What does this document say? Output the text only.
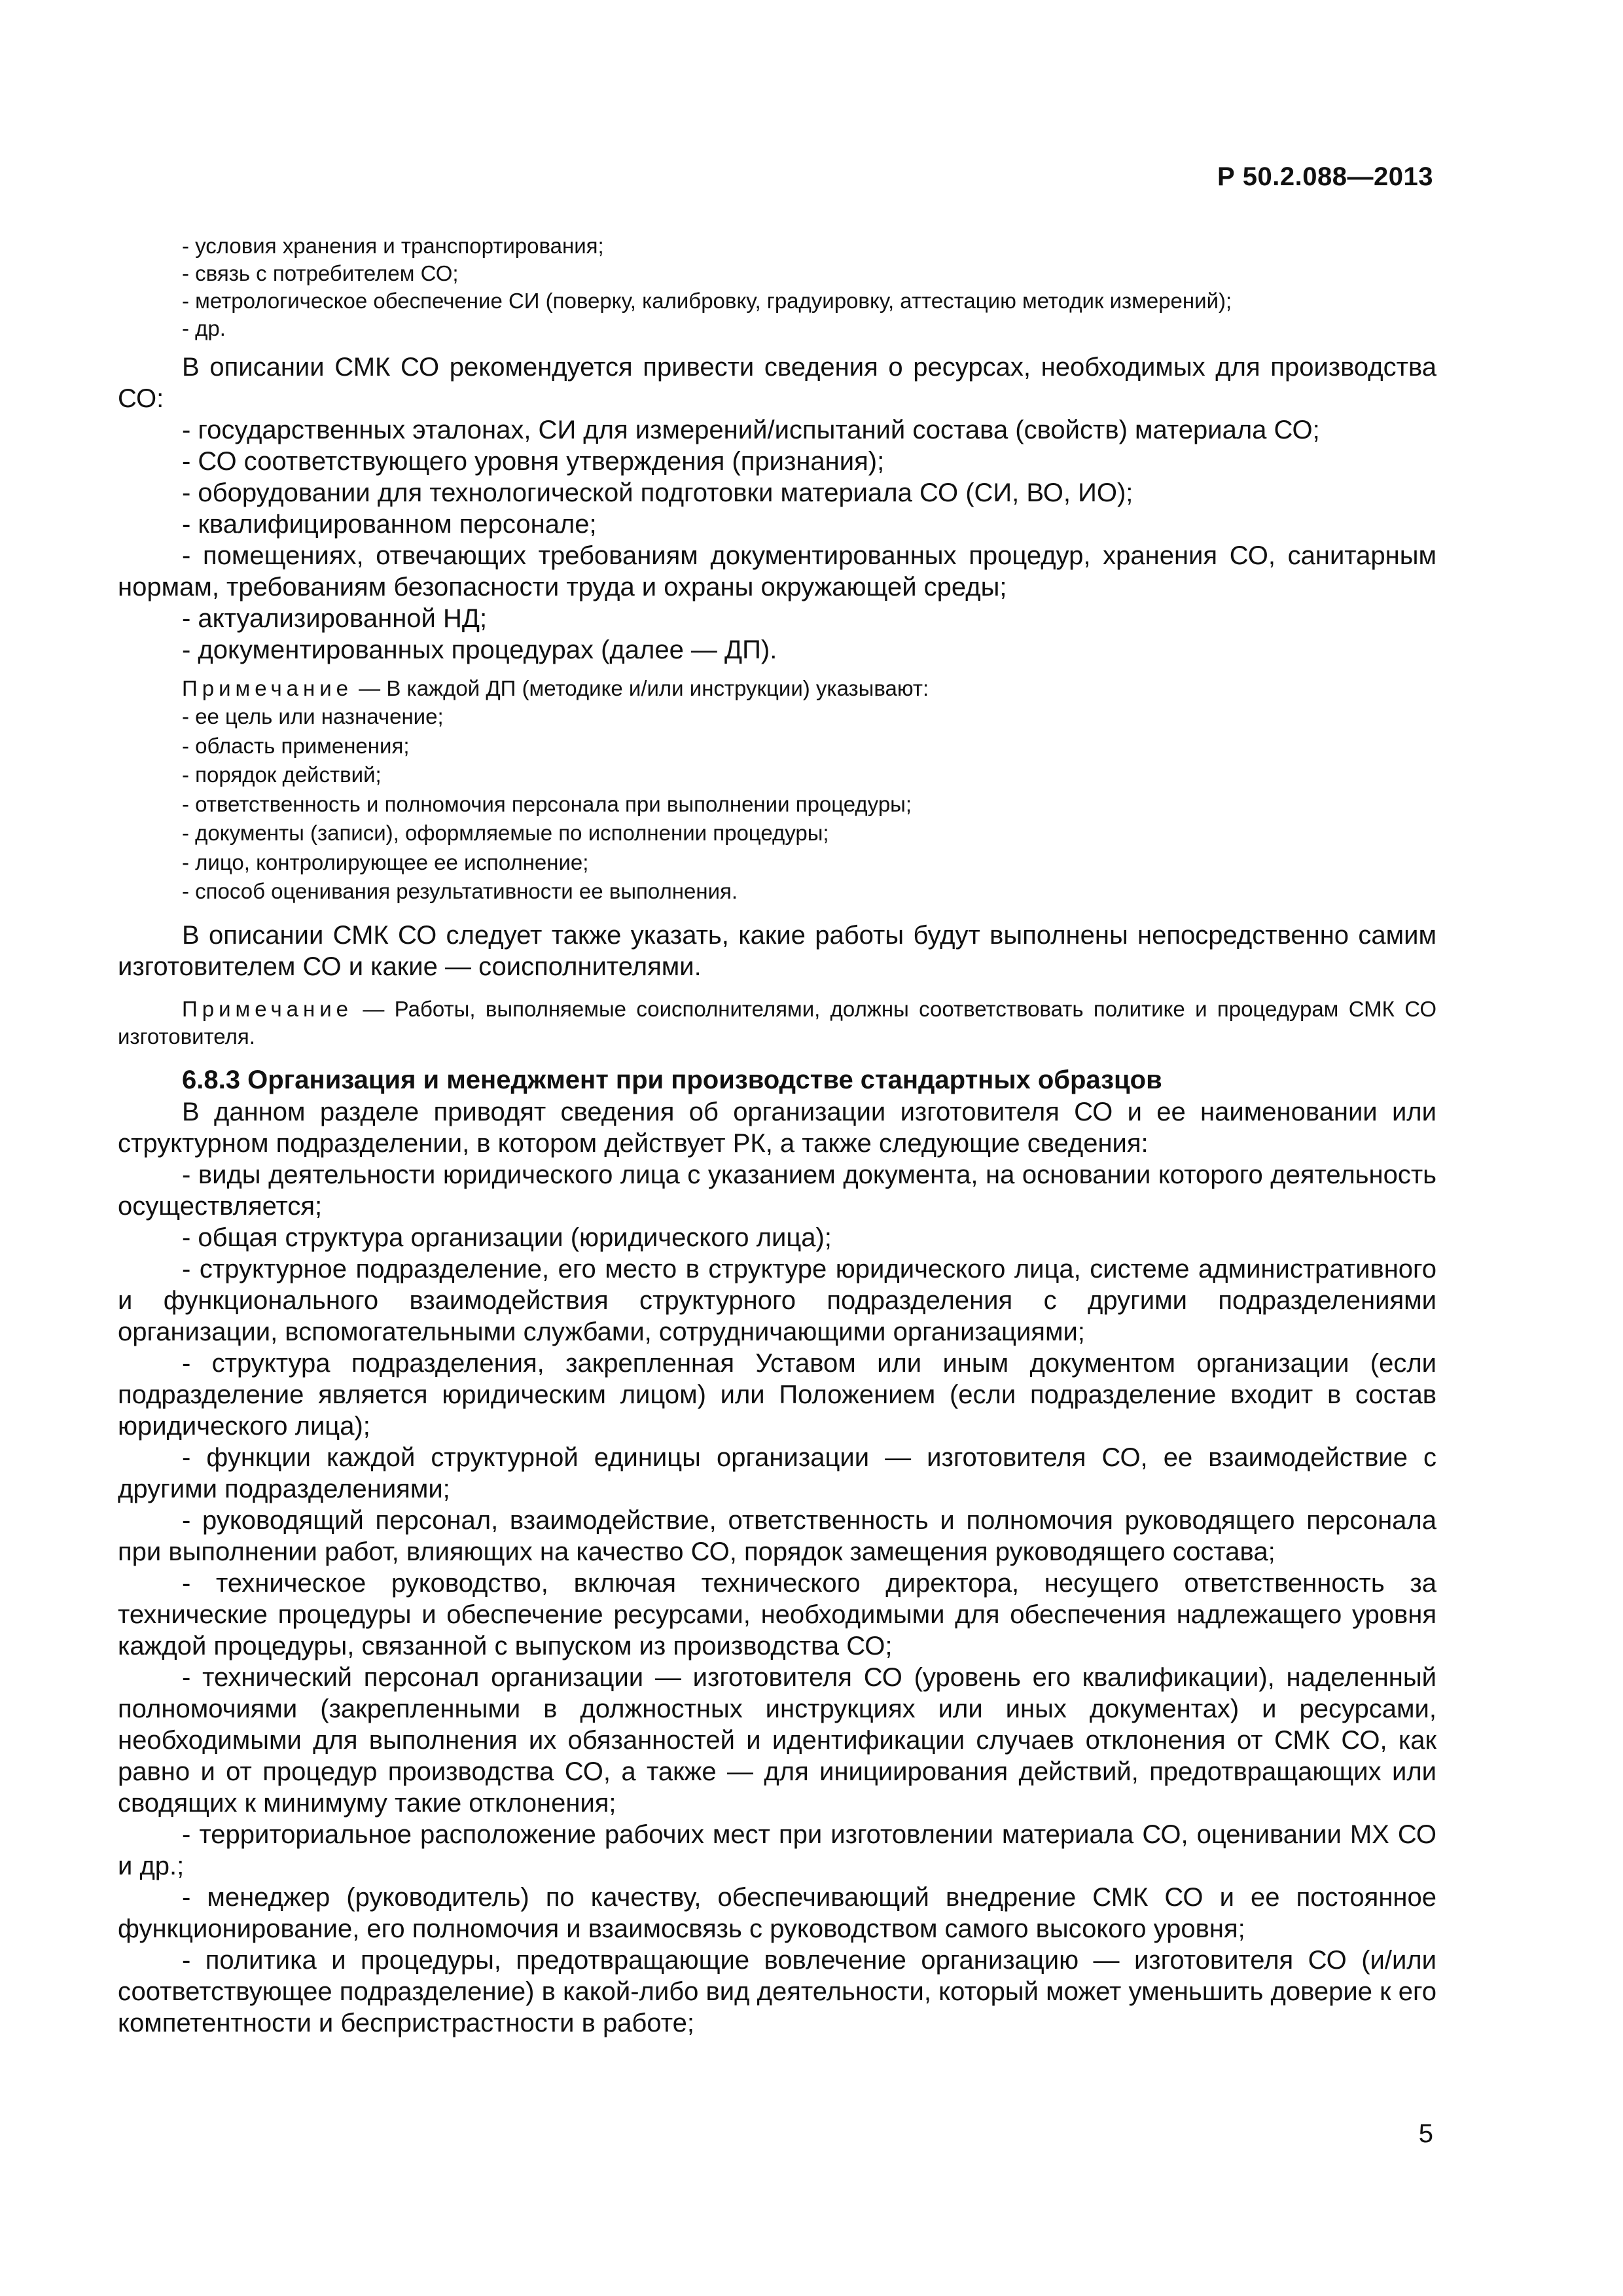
Р 50.2.088—2013
- условия хранения и транспортирования;
- связь с потребителем СО;
- метрологическое обеспечение СИ (поверку, калибровку, градуировку, аттестацию методик измерений);
- др.

В описании СМК СО рекомендуется привести сведения о ресурсах, необходимых для производства СО:

- государственных эталонах, СИ для измерений/испытаний состава (свойств) материала СО;
- СО соответствующего уровня утверждения (признания);
- оборудовании для технологической подготовки материала СО (СИ, ВО, ИО);
- квалифицированном персонале;

- помещениях, отвечающих требованиям документированных процедур, хранения СО, санитарным нормам, требованиям безопасности труда и охраны окружающей среды;

- актуализированной НД;
- документированных процедурах (далее — ДП).
Примечание — В каждой ДП (методике и/или инструкции) указывают:
- ее цель или назначение;
- область применения;
- порядок действий;
- ответственность и полномочия персонала при выполнении процедуры;
- документы (записи), оформляемые по исполнении процедуры;
- лицо, контролирующее ее исполнение;
- способ оценивания результативности ее выполнения.

В описании СМК СО следует также указать, какие работы будут выполнены непосредственно самим изготовителем СО и какие — соисполнителями.

Примечание — Работы, выполняемые соисполнителями, должны соответствовать политике и процедурам СМК СО изготовителя.

6.8.3 Организация и менеджмент при производстве стандартных образцов

В данном разделе приводят сведения об организации изготовителя СО и ее наименовании или структурном подразделении, в котором действует РК, а также следующие сведения:

- виды деятельности юридического лица с указанием документа, на основании которого деятельность осуществляется;

- общая структура организации (юридического лица);

- структурное подразделение, его место в структуре юридического лица, системе административного и функционального взаимодействия структурного подразделения с другими подразделениями организации, вспомогательными службами, сотрудничающими организациями;

- структура подразделения, закрепленная Уставом или иным документом организации (если подразделение является юридическим лицом) или Положением (если подразделение входит в состав юридического лица);

- функции каждой структурной единицы организации — изготовителя СО, ее взаимодействие с другими подразделениями;

- руководящий персонал, взаимодействие, ответственность и полномочия руководящего персонала при выполнении работ, влияющих на качество СО, порядок замещения руководящего состава;

- техническое руководство, включая технического директора, несущего ответственность за технические процедуры и обеспечение ресурсами, необходимыми для обеспечения надлежащего уровня каждой процедуры, связанной с выпуском из производства СО;

- технический персонал организации — изготовителя СО (уровень его квалификации), наделенный полномочиями (закрепленными в должностных инструкциях или иных документах) и ресурсами, необходимыми для выполнения их обязанностей и идентификации случаев отклонения от СМК СО, как равно и от процедур производства СО, а также — для инициирования действий, предотвращающих или сводящих к минимуму такие отклонения;

- территориальное расположение рабочих мест при изготовлении материала СО, оценивании МХ СО и др.;

- менеджер (руководитель) по качеству, обеспечивающий внедрение СМК СО и ее постоянное функционирование, его полномочия и взаимосвязь с руководством самого высокого уровня;

- политика и процедуры, предотвращающие вовлечение организацию — изготовителя СО (и/или соответствующее подразделение) в какой-либо вид деятельности, который может уменьшить доверие к его компетентности и беспристрастности в работе;

5
